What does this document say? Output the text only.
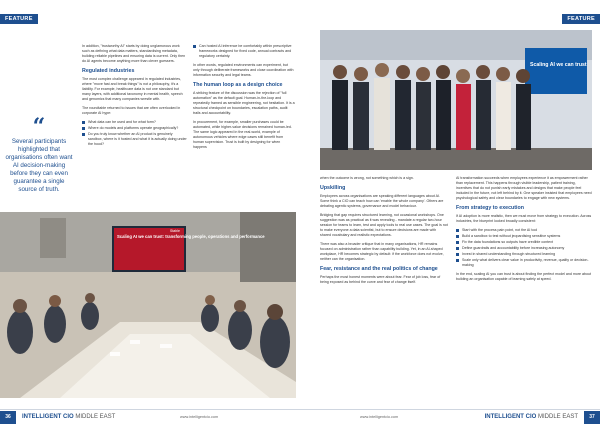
FEATURE
“
Several participants highlighted that organisations often want AI decision-making before they can even guarantee a single source of truth.

In addition, "trustworthy AI" starts by doing unglamorous work such as defining what data matters, standardising metadata, building reliable pipelines and ensuring data is current. Only then do AI agents become anything more than clever guessers.

Regulated industries

The most complex challenge appeared in regulated industries, where "move fast and break things" is not a philosophy, it's a liability. For example, healthcare data is not one standard but many layers, with additional taxonomy in mental health, speech and genomics that many companies wrestle with.

The roundtable returned to issues that are often overlooked in corporate AI hype:

What data can be used and for what form?
Where do models and platforms operate geographically?
Do you truly know whether an AI product is genuinely sandbox, where is it hosted and what it is actually doing under the hood?
Can hosted AI inference be comfortably within prescriptive frameworks designed for fixed code, annual contracts and regulatory certainty.

In other words, regulated environments can experiment, but only through deliberate frameworks and close coordination with information security and legal teams.

The human loop as a design choice

A striking feature of the discussion was the rejection of "full automation" as the default goal. Human-in-the-loop and repeatedly framed as sensible engineering, not hesitation. It is a structural checkpoint on boundaries, escalation paths, audit trails and accountability.

In procurement, for example, smaller purchases could be automated, while higher-value decisions remained human-led. The same logic appeared in the real-world, example of autonomous vehicles where edge cases still benefit from human supervision. Trust is built by designing for when happens

Scaling AI we can trust: transforming people, operations and performance
Stable
36	INTELLIGENT CIO MIDDLE EAST	www.intelligentcio.com
FEATURE
Scaling AI we can trust

when the outcome is wrong, not something which is a sign.

Upskilling

Employees across organisations are speaking different languages about AI. Some think a CIO can teach how can 'enable the whole company'. Others are debating agentic systems, governance and model behaviour.

Bridging that gap requires structured learning, not occasional workshops. One suggestion was as practical as it was revealing - mandate a regular two-hour session for teams to learn, test and apply tools to real use cases. The goal is not to make everyone a data scientist, but to ensure decisions are made with shared vocabulary and realistic expectations.

There was also a broader critique that in many organisations, HR remains focused on administration rather than capability building. Yet, in an AI-shaped workplace, HR becomes strategic by default: if the workforce does not evolve, neither can the organisation.

Fear, resistance and the real politics of change

Perhaps the most honest moments were about fear. Fear of job loss, fear of being exposed as behind the curve and fear of change itself.

AI transformation succeeds when employees experience it as empowerment rather than replacement. This happens through visible leadership, patient training, incentives that do not punish early mistakes and designs that make people feel included in the future, not left behind by it. One speaker insisted that employees need psychological safety and clear boundaries to engage with new systems.

From strategy to execution

If AI adoption is more realistic, then we must move from strategy to execution. Across industries, the blueprint looked broadly consistent:

Start with the process pain point, not the AI tool
Build a sandbox to test without jeopardising sensitive systems
Fix the data foundations so outputs have credible context
Define guardrails and accountability before increasing autonomy
Invest in shared understanding through structured learning
Scale only what delivers clear value in productivity, revenue, quality or decision-making

In the end, scaling AI you can trust is about finding the perfect model and more about building an organisation capable of learning safely at speed.

www.intelligentcio.com	INTELLIGENT CIO MIDDLE EAST	37
